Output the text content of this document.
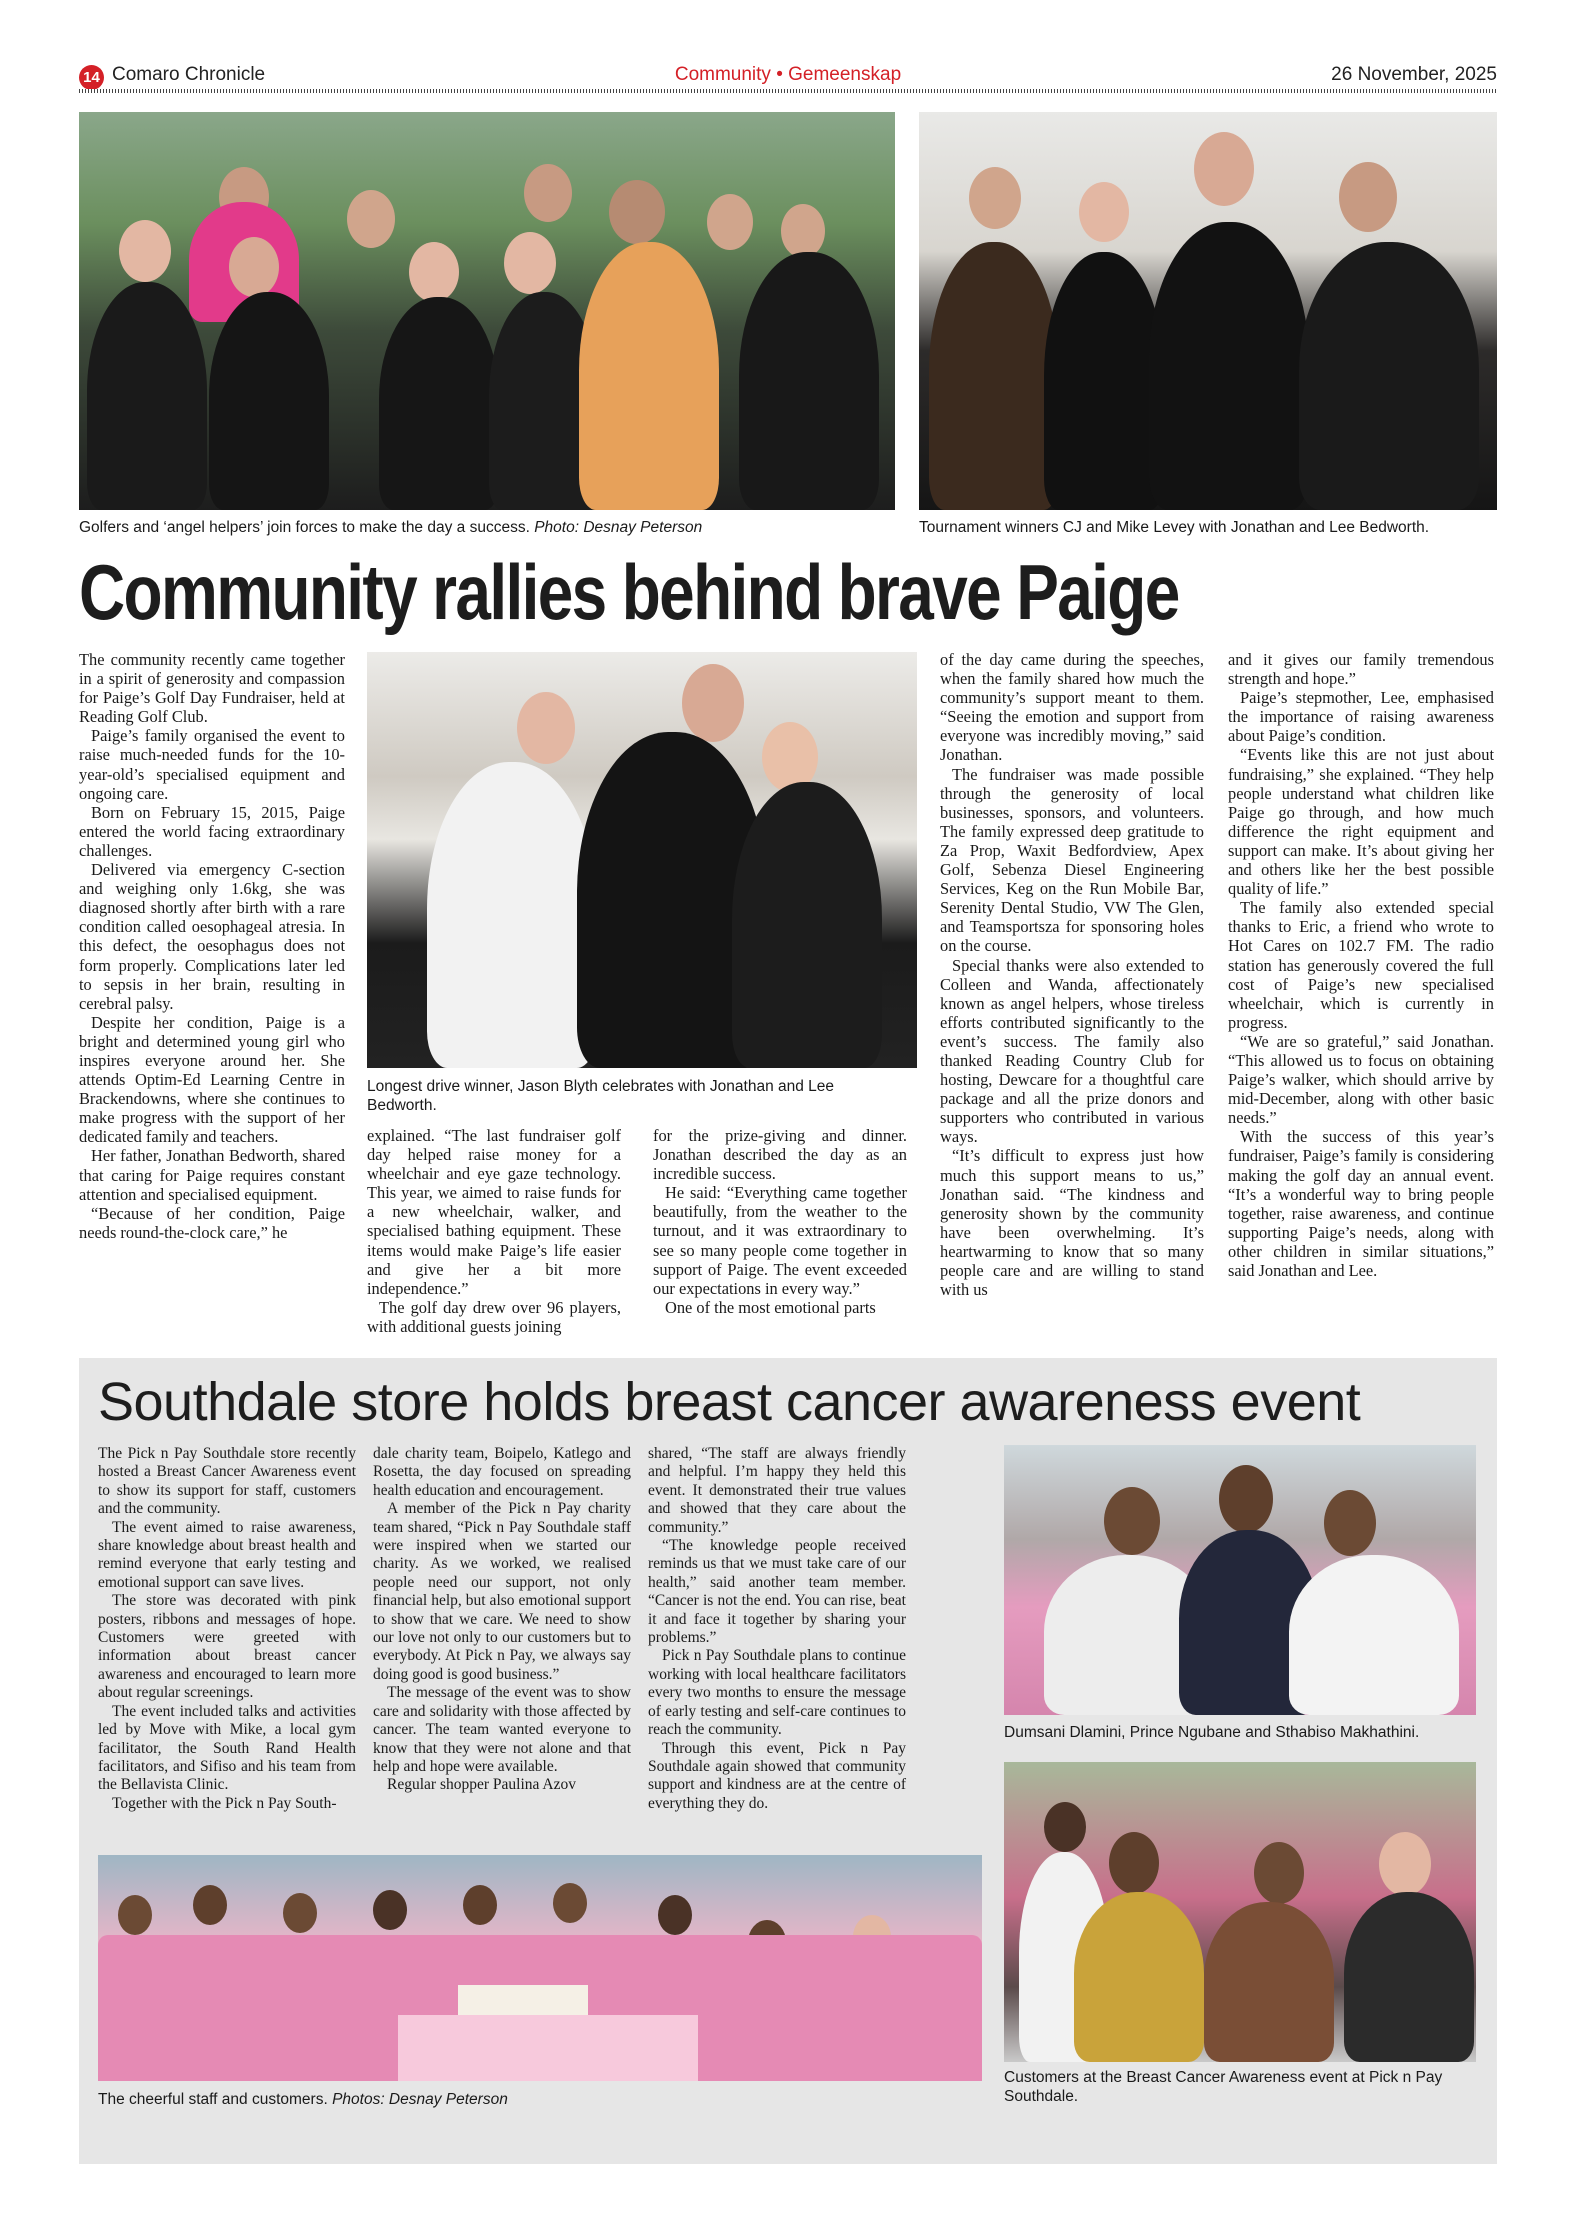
14 Comaro Chronicle	Community • Gemeenskap	26 November, 2025
Golfers and ‘angel helpers’ join forces to make the day a success. Photo: Desnay Peterson	Tournament winners CJ and Mike Levey with Jonathan and Lee Bedworth.
Community rallies behind brave Paige

The community recently came together in a spirit of generosity and compassion for Paige’s Golf Day Fundraiser, held at Reading Golf Club.

Paige’s family organised the event to raise much-needed funds for the 10-year-old’s specialised equipment and ongoing care.

Born on February 15, 2015, Paige entered the world facing extraordinary challenges.

Delivered via emergency C-section and weighing only 1.6kg, she was diagnosed shortly after birth with a rare condition called oesophageal atresia. In this defect, the oesophagus does not form properly. Complications later led to sepsis in her brain, resulting in cerebral palsy.

Despite her condition, Paige is a bright and determined young girl who inspires everyone around her. She attends Optim-Ed Learning Centre in Brackendowns, where she continues to make progress with the support of her dedicated family and teachers.

Her father, Jonathan Bedworth, shared that caring for Paige requires constant attention and specialised equipment.

“Because of her condition, Paige needs round-the-clock care,” he

Longest drive winner, Jason Blyth celebrates with Jonathan and Lee Bedworth.

explained. “The last fundraiser golf day helped raise money for a wheelchair and eye gaze technology. This year, we aimed to raise funds for a new wheelchair, walker, and specialised bathing equipment. These items would make Paige’s life easier and give her a bit more independence.”

The golf day drew over 96 players, with additional guests joining

for the prize-giving and dinner. Jonathan described the day as an incredible success.

He said: “Everything came together beautifully, from the weather to the turnout, and it was extraordinary to see so many people come together in support of Paige. The event exceeded our expectations in every way.”

One of the most emotional parts

of the day came during the speeches, when the family shared how much the community’s support meant to them. “Seeing the emotion and support from everyone was incredibly moving,” said Jonathan.

The fundraiser was made possible through the generosity of local businesses, sponsors, and volunteers. The family expressed deep gratitude to Za Prop, Waxit Bedfordview, Apex Golf, Sebenza Diesel Engineering Services, Keg on the Run Mobile Bar, Serenity Dental Studio, VW The Glen, and Teamsportsza for sponsoring holes on the course.

Special thanks were also extended to Colleen and Wanda, affectionately known as angel helpers, whose tireless efforts contributed significantly to the event’s success. The family also thanked Reading Country Club for hosting, Dewcare for a thoughtful care package and all the prize donors and supporters who contributed in various ways.

“It’s difficult to express just how much this support means to us,” Jonathan said. “The kindness and generosity shown by the community have been overwhelming. It’s heartwarming to know that so many people care and are willing to stand with us

and it gives our family tremendous strength and hope.”

Paige’s stepmother, Lee, emphasised the importance of raising awareness about Paige’s condition.

“Events like this are not just about fundraising,” she explained. “They help people understand what children like Paige go through, and how much difference the right equipment and support can make. It’s about giving her and others like her the best possible quality of life.”

The family also extended special thanks to Eric, a friend who wrote to Hot Cares on 102.7 FM. The radio station has generously covered the full cost of Paige’s new specialised wheelchair, which is currently in progress.

“We are so grateful,” said Jonathan. “This allowed us to focus on obtaining Paige’s walker, which should arrive by mid-December, along with other basic needs.”

With the success of this year’s fundraiser, Paige’s family is considering making the golf day an annual event. “It’s a wonderful way to bring people together, raise awareness, and continue supporting Paige’s needs, along with other children in similar situations,” said Jonathan and Lee.

Southdale store holds breast cancer awareness event

The Pick n Pay Southdale store recently hosted a Breast Cancer Awareness event to show its support for staff, customers and the community.

The event aimed to raise awareness, share knowledge about breast health and remind everyone that early testing and emotional support can save lives.

The store was decorated with pink posters, ribbons and messages of hope. Customers were greeted with information about breast cancer awareness and encouraged to learn more about regular screenings.

The event included talks and activities led by Move with Mike, a local gym facilitator, the South Rand Health facilitators, and Sifiso and his team from the Bellavista Clinic.

Together with the Pick n Pay South-

dale charity team, Boipelo, Katlego and Rosetta, the day focused on spreading health education and encouragement.

A member of the Pick n Pay charity team shared, “Pick n Pay Southdale staff were inspired when we started our charity. As we worked, we realised people need our support, not only financial help, but also emotional support to show that we care. We need to show our love not only to our customers but to everybody. At Pick n Pay, we always say doing good is good business.”

The message of the event was to show care and solidarity with those affected by cancer. The team wanted everyone to know that they were not alone and that help and hope were available.

Regular shopper Paulina Azov

shared, “The staff are always friendly and helpful. I’m happy they held this event. It demonstrated their true values and showed that they care about the community.”

“The knowledge people received reminds us that we must take care of our health,” said another team member. “Cancer is not the end. You can rise, beat it and face it together by sharing your problems.”

Pick n Pay Southdale plans to continue working with local healthcare facilitators every two months to ensure the message of early testing and self-care continues to reach the community.

Through this event, Pick n Pay Southdale again showed that community support and kindness are at the centre of everything they do.

Dumsani Dlamini, Prince Ngubane and Sthabiso Makhathini.
Customers at the Breast Cancer Awareness event at Pick n Pay Southdale.
The cheerful staff and customers. Photos: Desnay Peterson
